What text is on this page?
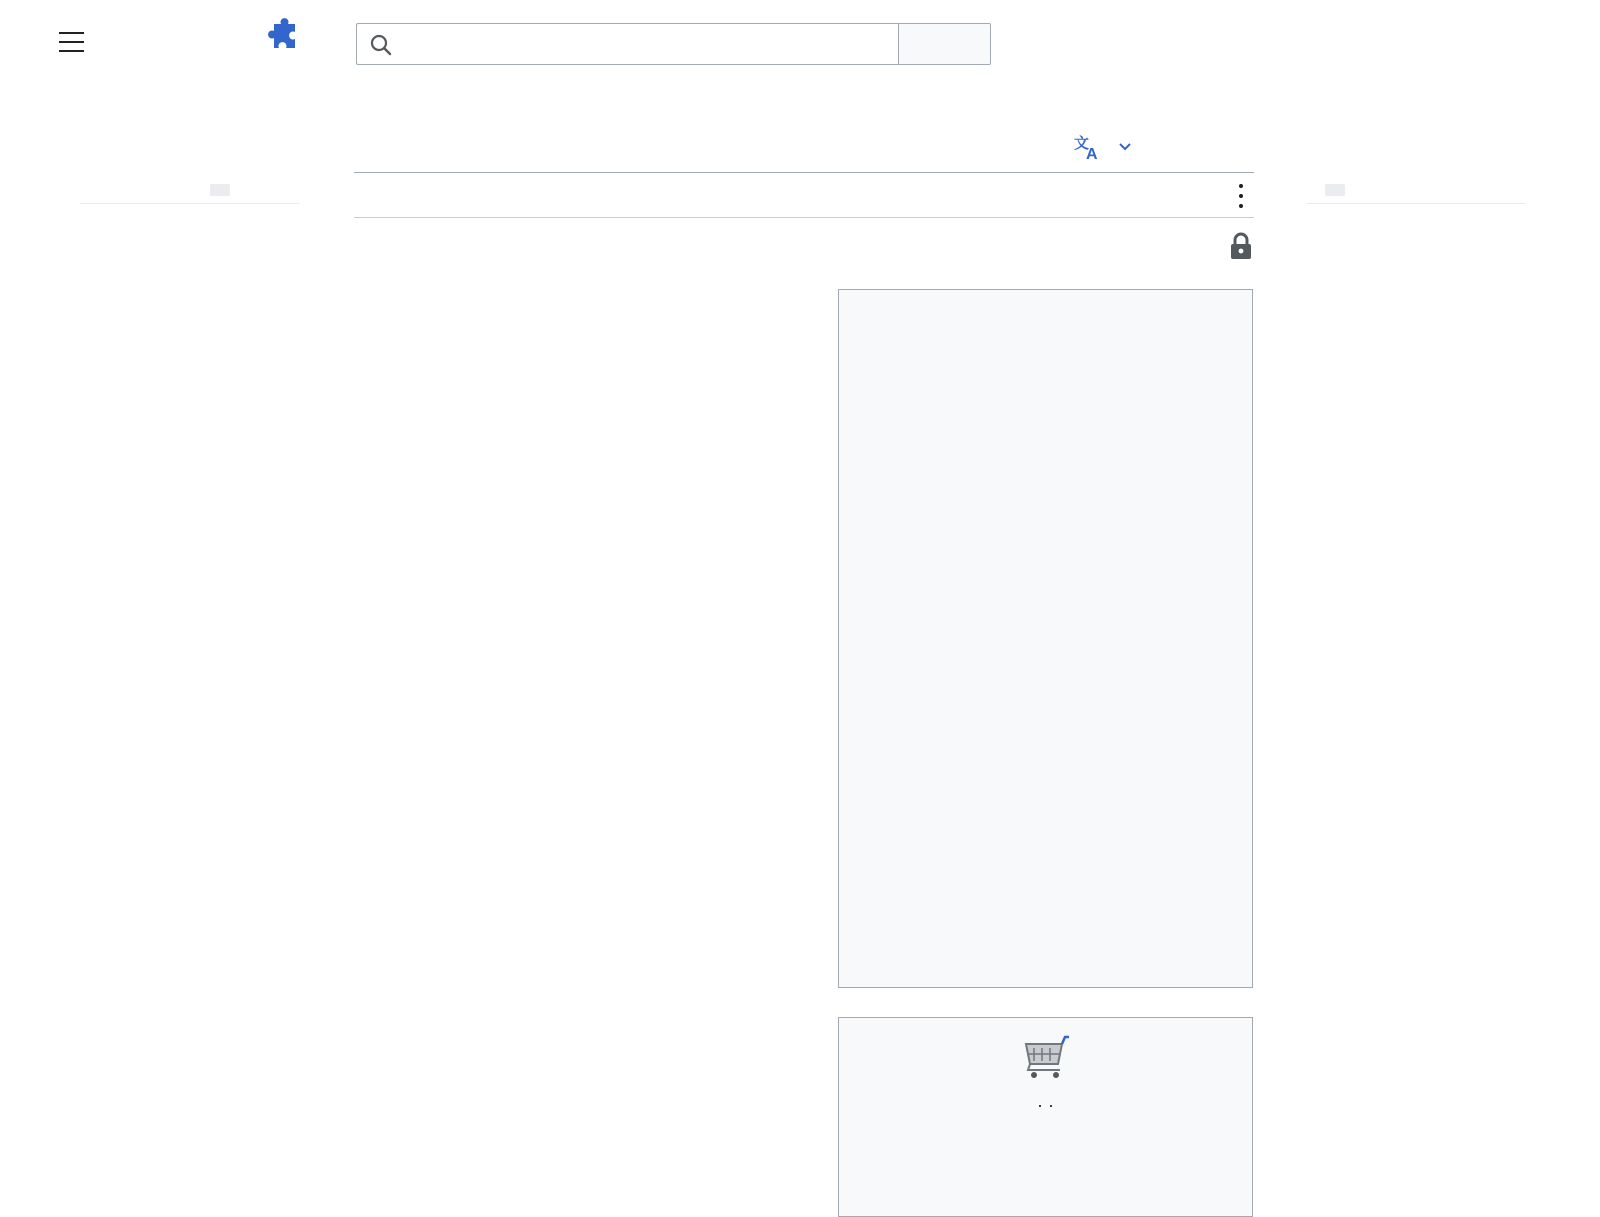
文
A

· ·
